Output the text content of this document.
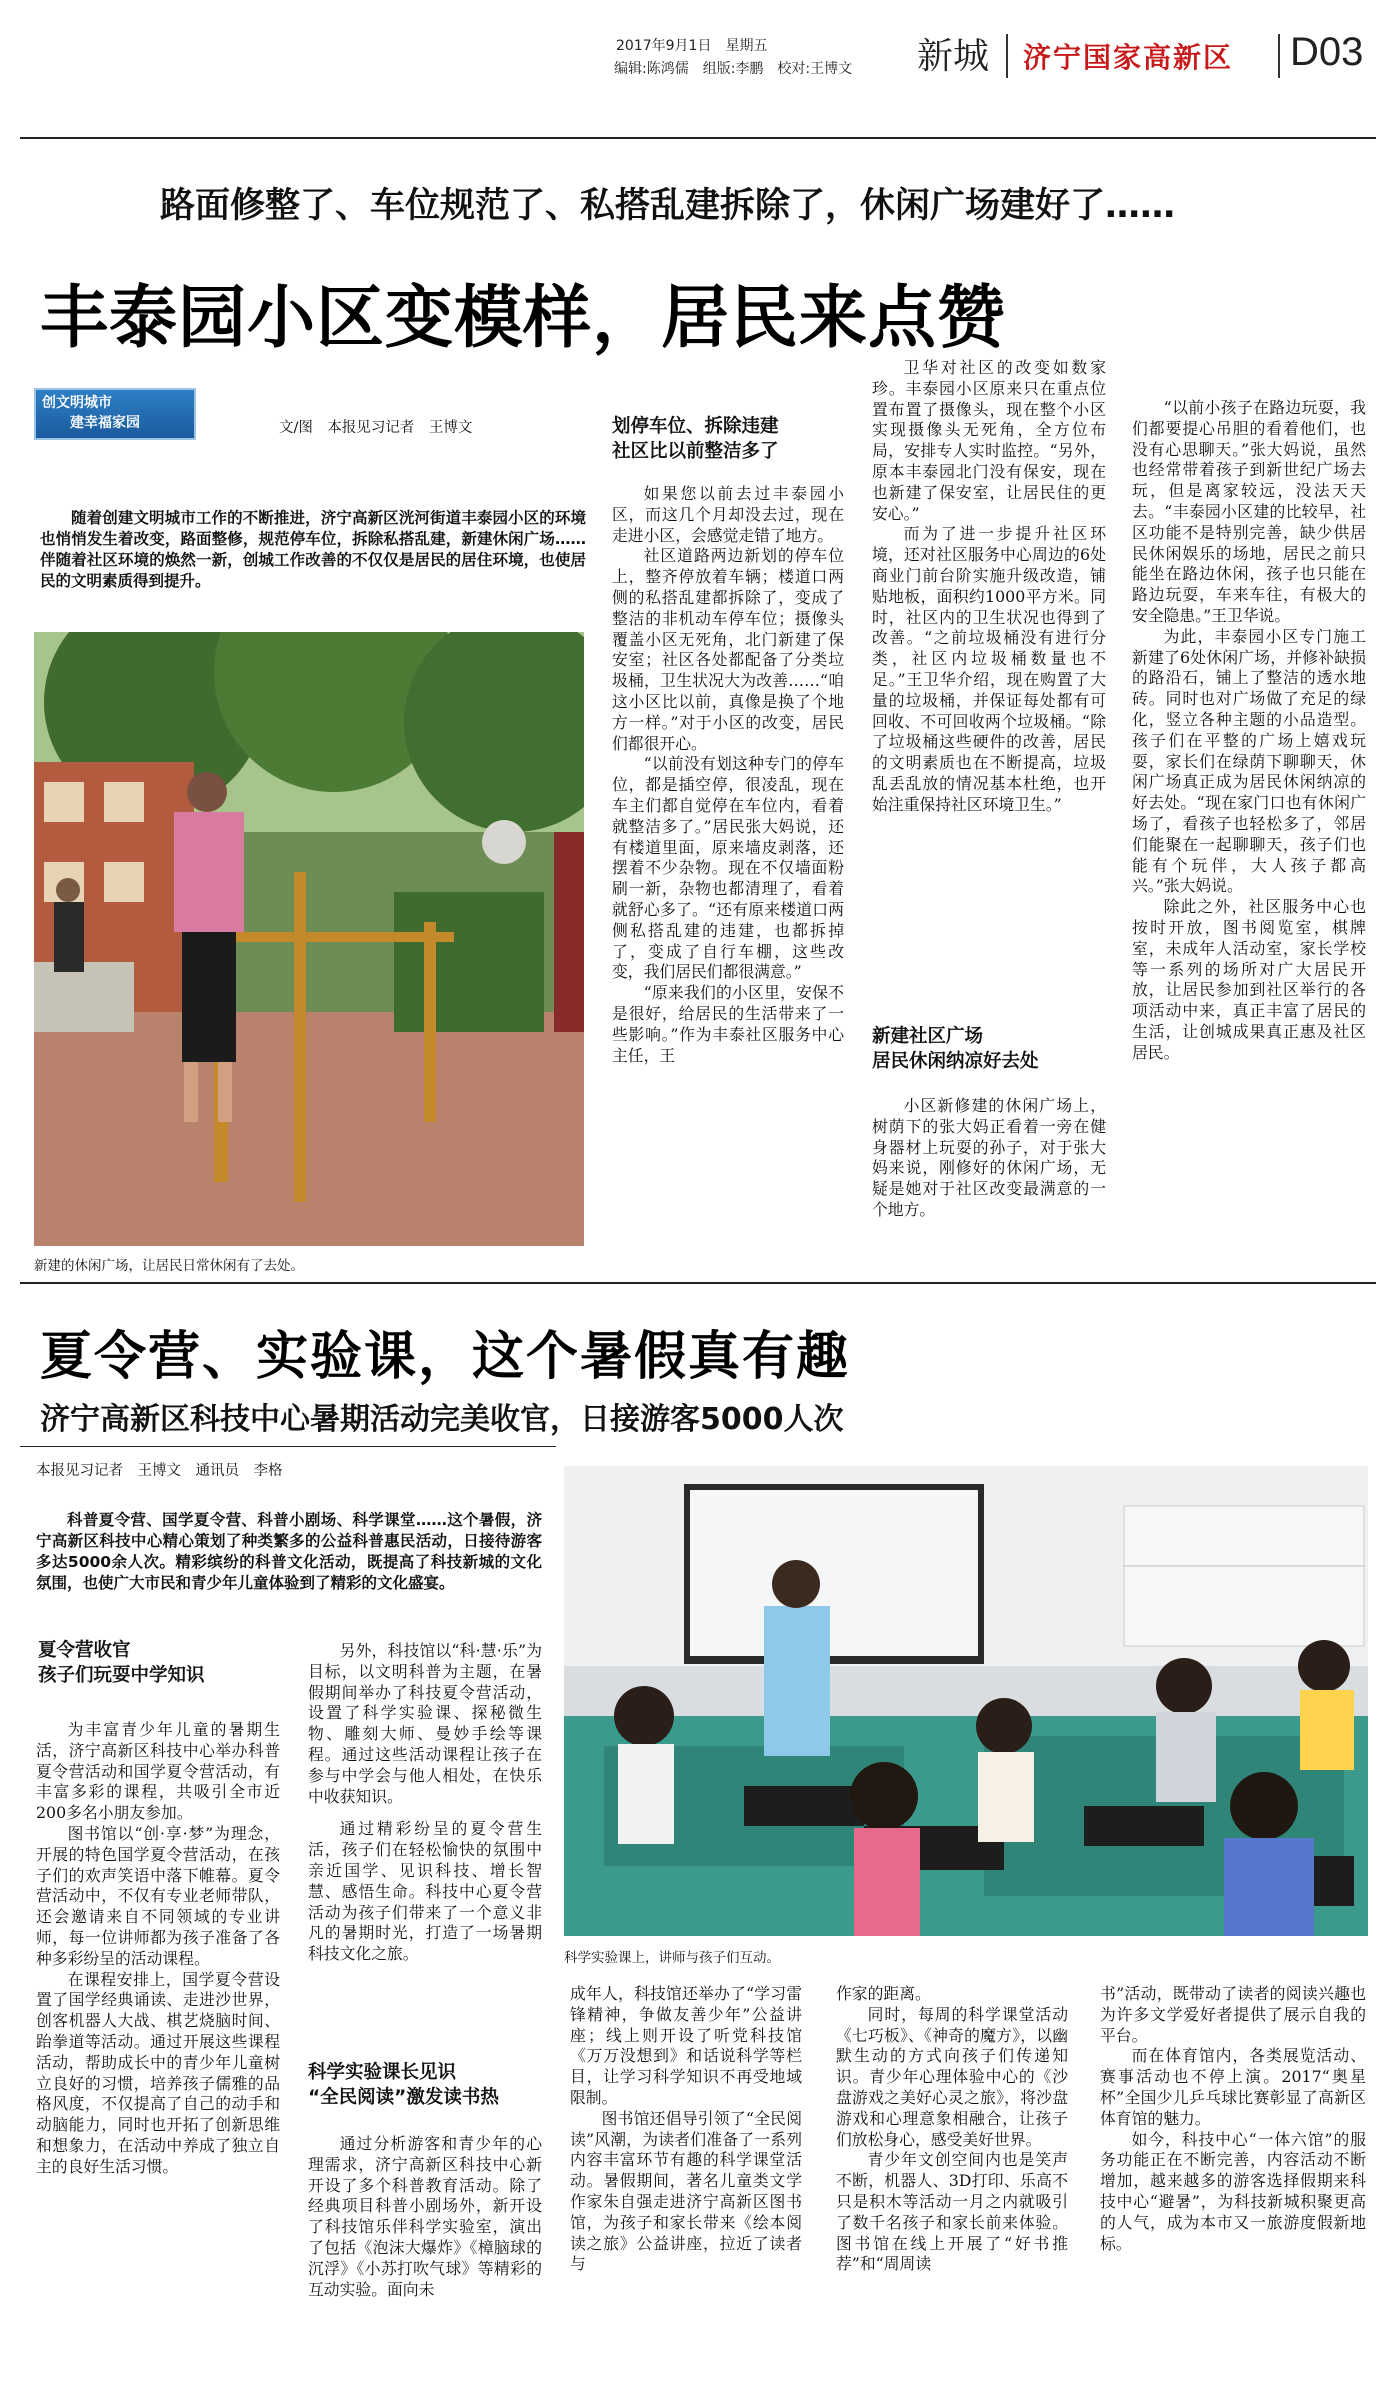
2017年9月1日　星期五
编辑:陈鸿儒　组版:李鹏　校对:王博文 新城 济宁国家高新区 D03
路面修整了、车位规范了、私搭乱建拆除了，休闲广场建好了……
丰泰园小区变模样，居民来点赞
创文明城市
建幸福家园	文/图　本报见习记者　王博文

随着创建文明城市工作的不断推进，济宁高新区洸河街道丰泰园小区的环境也悄悄发生着改变，路面整修，规范停车位，拆除私搭乱建，新建休闲广场……伴随着社区环境的焕然一新，创城工作改善的不仅仅是居民的居住环境，也使居民的文明素质得到提升。

新建的休闲广场，让居民日常休闲有了去处。
划停车位、拆除违建
社区比以前整洁多了

如果您以前去过丰泰园小区，而这几个月却没去过，现在走进小区，会感觉走错了地方。

社区道路两边新划的停车位上，整齐停放着车辆；楼道口两侧的私搭乱建都拆除了，变成了整洁的非机动车停车位；摄像头覆盖小区无死角，北门新建了保安室；社区各处都配备了分类垃圾桶，卫生状况大为改善……“咱这小区比以前，真像是换了个地方一样。”对于小区的改变，居民们都很开心。

“以前没有划这种专门的停车位，都是插空停，很凌乱，现在车主们都自觉停在车位内，看着就整洁多了。”居民张大妈说，还有楼道里面，原来墙皮剥落，还摆着不少杂物。现在不仅墙面粉刷一新，杂物也都清理了，看着就舒心多了。“还有原来楼道口两侧私搭乱建的违建，也都拆掉了，变成了自行车棚，这些改变，我们居民们都很满意。”

“原来我们的小区里，安保不是很好，给居民的生活带来了一些影响。”作为丰泰社区服务中心主任，王

卫华对社区的改变如数家珍。丰泰园小区原来只在重点位置布置了摄像头，现在整个小区实现摄像头无死角，全方位布局，安排专人实时监控。“另外，原本丰泰园北门没有保安，现在也新建了保安室，让居民住的更安心。”

而为了进一步提升社区环境，还对社区服务中心周边的6处商业门前台阶实施升级改造，铺贴地板，面积约1000平方米。同时，社区内的卫生状况也得到了改善。“之前垃圾桶没有进行分类，社区内垃圾桶数量也不足。”王卫华介绍，现在购置了大量的垃圾桶，并保证每处都有可回收、不可回收两个垃圾桶。“除了垃圾桶这些硬件的改善，居民的文明素质也在不断提高，垃圾乱丢乱放的情况基本杜绝，也开始注重保持社区环境卫生。”

新建社区广场
居民休闲纳凉好去处

小区新修建的休闲广场上，树荫下的张大妈正看着一旁在健身器材上玩耍的孙子，对于张大妈来说，刚修好的休闲广场，无疑是她对于社区改变最满意的一个地方。

“以前小孩子在路边玩耍，我们都要提心吊胆的看着他们，也没有心思聊天。”张大妈说，虽然也经常带着孩子到新世纪广场去玩，但是离家较远，没法天天去。“丰泰园小区建的比较早，社区功能不是特别完善，缺少供居民休闲娱乐的场地，居民之前只能坐在路边休闲，孩子也只能在路边玩耍，车来车往，有极大的安全隐患。”王卫华说。

为此，丰泰园小区专门施工新建了6处休闲广场，并修补缺损的路沿石，铺上了整洁的透水地砖。同时也对广场做了充足的绿化，竖立各种主题的小品造型。孩子们在平整的广场上嬉戏玩耍，家长们在绿荫下聊聊天，休闲广场真正成为居民休闲纳凉的好去处。“现在家门口也有休闲广场了，看孩子也轻松多了，邻居们能聚在一起聊聊天，孩子们也能有个玩伴，大人孩子都高兴。”张大妈说。

除此之外，社区服务中心也按时开放，图书阅览室，棋牌室，未成年人活动室，家长学校等一系列的场所对广大居民开放，让居民参加到社区举行的各项活动中来，真正丰富了居民的生活，让创城成果真正惠及社区居民。

夏令营、实验课，这个暑假真有趣
济宁高新区科技中心暑期活动完美收官，日接游客5000人次
本报见习记者　王博文　通讯员　李格

科普夏令营、国学夏令营、科普小剧场、科学课堂……这个暑假，济宁高新区科技中心精心策划了种类繁多的公益科普惠民活动，日接待游客多达5000余人次。精彩缤纷的科普文化活动，既提高了科技新城的文化氛围，也使广大市民和青少年儿童体验到了精彩的文化盛宴。

科学实验课上，讲师与孩子们互动。
夏令营收官
孩子们玩耍中学知识

为丰富青少年儿童的暑期生活，济宁高新区科技中心举办科普夏令营活动和国学夏令营活动，有丰富多彩的课程，共吸引全市近200多名小朋友参加。

图书馆以“创·享·梦”为理念，开展的特色国学夏令营活动，在孩子们的欢声笑语中落下帷幕。夏令营活动中，不仅有专业老师带队，还会邀请来自不同领域的专业讲师，每一位讲师都为孩子准备了各种多彩纷呈的活动课程。

在课程安排上，国学夏令营设置了国学经典诵读、走进沙世界，创客机器人大战、棋艺烧脑时间、跆拳道等活动。通过开展这些课程活动，帮助成长中的青少年儿童树立良好的习惯，培养孩子儒雅的品格风度，不仅提高了自己的动手和动脑能力，同时也开拓了创新思维和想象力，在活动中养成了独立自主的良好生活习惯。

另外，科技馆以“科·慧·乐”为目标，以文明科普为主题，在暑假期间举办了科技夏令营活动，设置了科学实验课、探秘微生物、雕刻大师、曼妙手绘等课程。通过这些活动课程让孩子在参与中学会与他人相处，在快乐中收获知识。

通过精彩纷呈的夏令营生活，孩子们在轻松愉快的氛围中亲近国学、见识科技、增长智慧、感悟生命。科技中心夏令营活动为孩子们带来了一个意义非凡的暑期时光，打造了一场暑期科技文化之旅。

科学实验课长见识
“全民阅读”激发读书热

通过分析游客和青少年的心理需求，济宁高新区科技中心新开设了多个科普教育活动。除了经典项目科普小剧场外，新开设了科技馆乐伴科学实验室，演出了包括《泡沫大爆炸》《樟脑球的沉浮》《小苏打吹气球》等精彩的互动实验。面向未

成年人，科技馆还举办了“学习雷锋精神，争做友善少年”公益讲座；线上则开设了听党科技馆《万万没想到》和话说科学等栏目，让学习科学知识不再受地域限制。

图书馆还倡导引领了“全民阅读”风潮，为读者们准备了一系列内容丰富环节有趣的科学课堂活动。暑假期间，著名儿童类文学作家朱自强走进济宁高新区图书馆，为孩子和家长带来《绘本阅读之旅》公益讲座，拉近了读者与

作家的距离。

同时，每周的科学课堂活动《七巧板》、《神奇的魔方》，以幽默生动的方式向孩子们传递知识。青少年心理体验中心的《沙盘游戏之美好心灵之旅》，将沙盘游戏和心理意象相融合，让孩子们放松身心，感受美好世界。

青少年文创空间内也是笑声不断，机器人、3D打印、乐高不只是积木等活动一月之内就吸引了数千名孩子和家长前来体验。图书馆在线上开展了“好书推荐”和“周周读

书”活动，既带动了读者的阅读兴趣也为许多文学爱好者提供了展示自我的平台。

而在体育馆内，各类展览活动、赛事活动也不停上演。2017“奥星杯”全国少儿乒乓球比赛彰显了高新区体育馆的魅力。

如今，科技中心“一体六馆”的服务功能正在不断完善，内容活动不断增加，越来越多的游客选择假期来科技中心“避暑”，为科技新城积聚更高的人气，成为本市又一旅游度假新地标。
